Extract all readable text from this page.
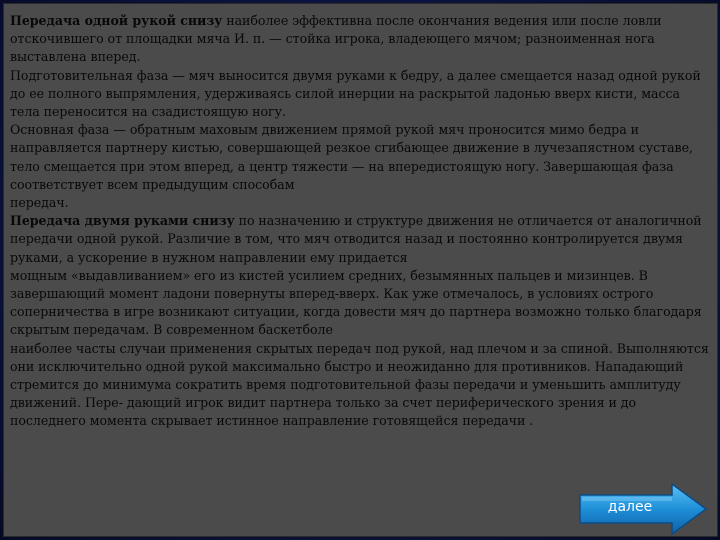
Передача одной рукой снизу наиболее эффективна после окончания ведения или после ловли отскочившего от площадки мяча И. п. — стойка игрока, владеющего мячом; разноименная нога выставлена вперед.

Подготовительная фаза — мяч выносится двумя руками к бедру, а далее смещается назад одной рукой до ее полного выпрямления, удерживаясь силой инерции на раскрытой ладонью вверх кисти, масса тела переносится на сзадистоящую ногу.

Основная фаза — обратным маховым движением прямой рукой мяч проносится мимо бедра и направляется партнеру кистью, совершающей резкое сгибающее движение в лучезапястном суставе, тело смещается при этом вперед, а центр тяжести — на впередистоящую ногу. Завершающая фаза соответствует всем предыдущим способам

передач.

Передача двумя руками снизу по назначению и структуре движения не отличается от аналогичной передачи одной рукой. Различие в том, что мяч отводится назад и постоянно контролируется двумя руками, а ускорение в нужном направлении ему придается

мощным «выдавливанием» его из кистей усилием средних, безымянных пальцев и мизинцев. В завершающий момент ладони повернуты вперед-вверх. Как уже отмечалось, в условиях острого соперничества в игре возникают ситуации, когда довести мяч до партнера возможно только благодаря скрытым передачам. В современном баскетболе

наиболее часты случаи применения скрытых передач под рукой, над плечом и за спиной. Выполняются они исключительно одной рукой максимально быстро и неожиданно для противников. Нападающий стремится до минимума сократить время подготовительной фазы передачи и уменьшить амплитуду движений. Пере- дающий игрок видит партнера только за счет периферического зрения и до последнего момента скрывает истинное направление готовящейся передачи .

далее
